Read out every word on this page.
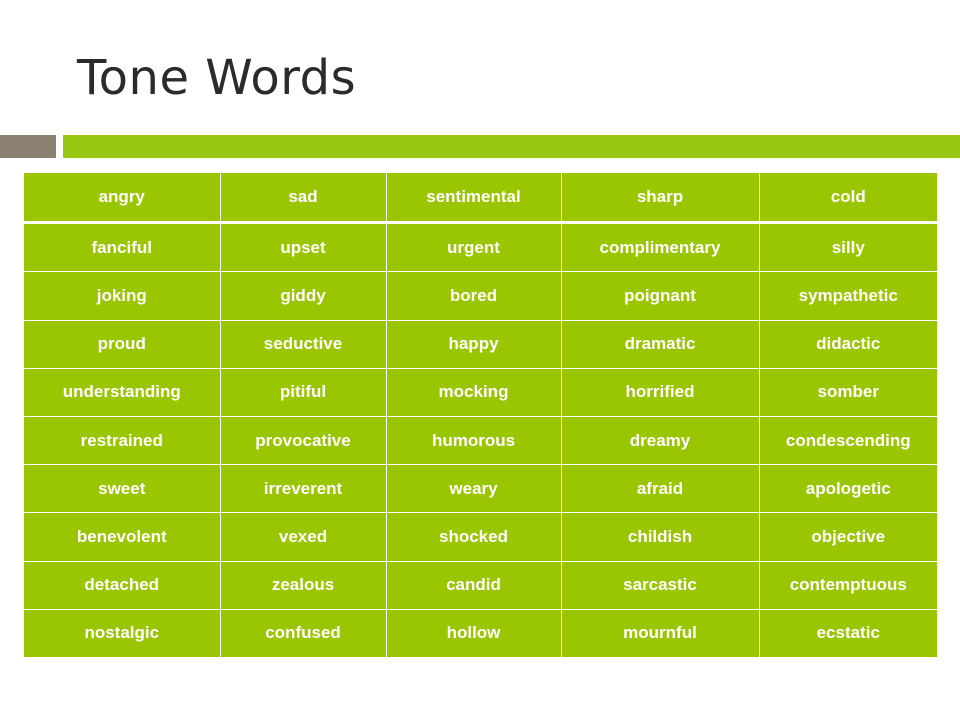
Tone Words
angry	sad	sentimental	sharp	cold
fanciful	upset	urgent	complimentary	silly
joking	giddy	bored	poignant	sympathetic
proud	seductive	happy	dramatic	didactic
understanding	pitiful	mocking	horrified	somber
restrained	provocative	humorous	dreamy	condescending
sweet	irreverent	weary	afraid	apologetic
benevolent	vexed	shocked	childish	objective
detached	zealous	candid	sarcastic	contemptuous
nostalgic	confused	hollow	mournful	ecstatic
